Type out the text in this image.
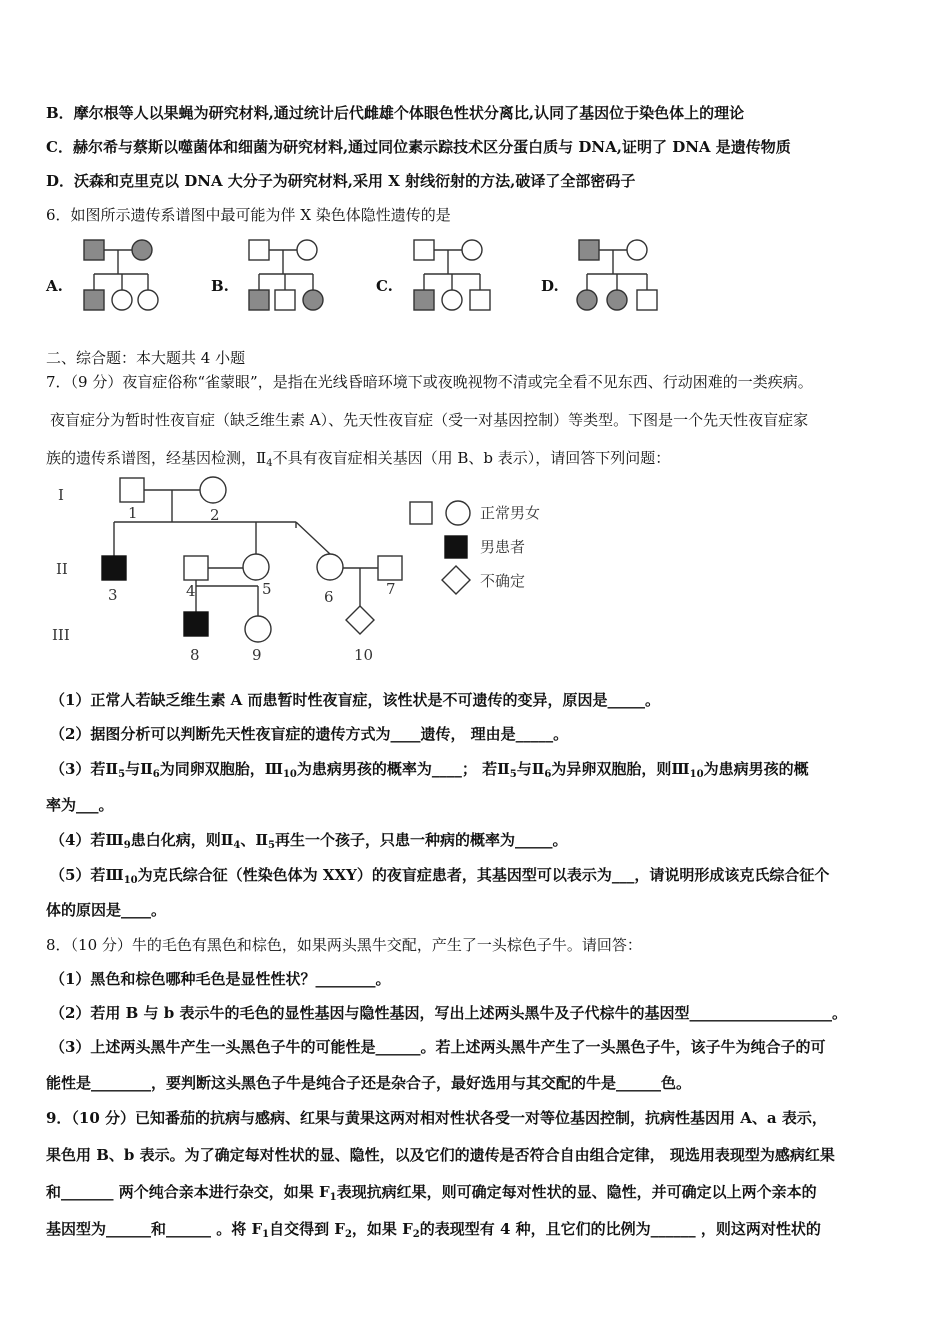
B．摩尔根等人以果蝇为研究材料,通过统计后代雌雄个体眼色性状分离比,认同了基因位于染色体上的理论
C．赫尔希与蔡斯以噬菌体和细菌为研究材料,通过同位素示踪技术区分蛋白质与 DNA,证明了 DNA 是遗传物质
D．沃森和克里克以 DNA 大分子为研究材料,采用 X 射线衍射的方法,破译了全部密码子
6．如图所示遗传系谱图中最可能为伴 X 染色体隐性遗传的是
A.	B.	C.	D.
二、综合题：本大题共 4 小题
7．（9 分）夜盲症俗称“雀蒙眼”，是指在光线昏暗环境下或夜晚视物不清或完全看不见东西、行动困难的一类疾病。
夜盲症分为暂时性夜盲症（缺乏维生素 A）、先天性夜盲症（受一对基因控制）等类型。下图是一个先天性夜盲症家
族的遗传系谱图，经基因检测，$Ⅱ_4$不具有夜盲症相关基因（用 B、b 表示），请回答下列问题：
I
II
III
1	2
3	4	5	6	7
8	9	10
正常男女
男患者
不确定
（1）正常人若缺乏维生素 A 而患暂时性夜盲症，该性状是不可遗传的变异，原因是_____。
（2）据图分析可以判断先天性夜盲症的遗传方式为____遗传， 理由是_____。
（3）若$Ⅱ_5$与$Ⅱ_6$为同卵双胞胎，$Ⅲ_{10}$为患病男孩的概率为____； 若$Ⅱ_5$与$Ⅱ_6$为异卵双胞胎，则$Ⅲ_{10}$为患病男孩的概
率为___。
（4）若$Ⅲ_9$患白化病，则$Ⅱ_4$、$Ⅱ_5$再生一个孩子，只患一种病的概率为_____。
（5）若$Ⅲ_{10}$为克氏综合征（性染色体为 XXY）的夜盲症患者，其基因型可以表示为___，请说明形成该克氏综合征个
体的原因是____。
8．（10 分）牛的毛色有黑色和棕色，如果两头黑牛交配，产生了一头棕色子牛。请回答：
（1）黑色和棕色哪种毛色是显性性状？________。
（2）若用 B 与 b 表示牛的毛色的显性基因与隐性基因，写出上述两头黑牛及子代棕牛的基因型___________________。
（3）上述两头黑牛产生一头黑色子牛的可能性是______。若上述两头黑牛产生了一头黑色子牛，该子牛为纯合子的可
能性是________，要判断这头黑色子牛是纯合子还是杂合子，最好选用与其交配的牛是______色。
9．（10 分）已知番茄的抗病与感病、红果与黄果这两对相对性状各受一对等位基因控制，抗病性基因用 A、a 表示，
果色用 B、b 表示。为了确定每对性状的显、隐性，以及它们的遗传是否符合自由组合定律， 现选用表现型为感病红果
和_______ 两个纯合亲本进行杂交，如果 $F_1$表现抗病红果，则可确定每对性状的显、隐性，并可确定以上两个亲本的
基因型为______和______ 。将 $F_1$自交得到 $F_2$，如果 $F_2$的表现型有 4 种，且它们的比例为______ ，则这两对性状的
